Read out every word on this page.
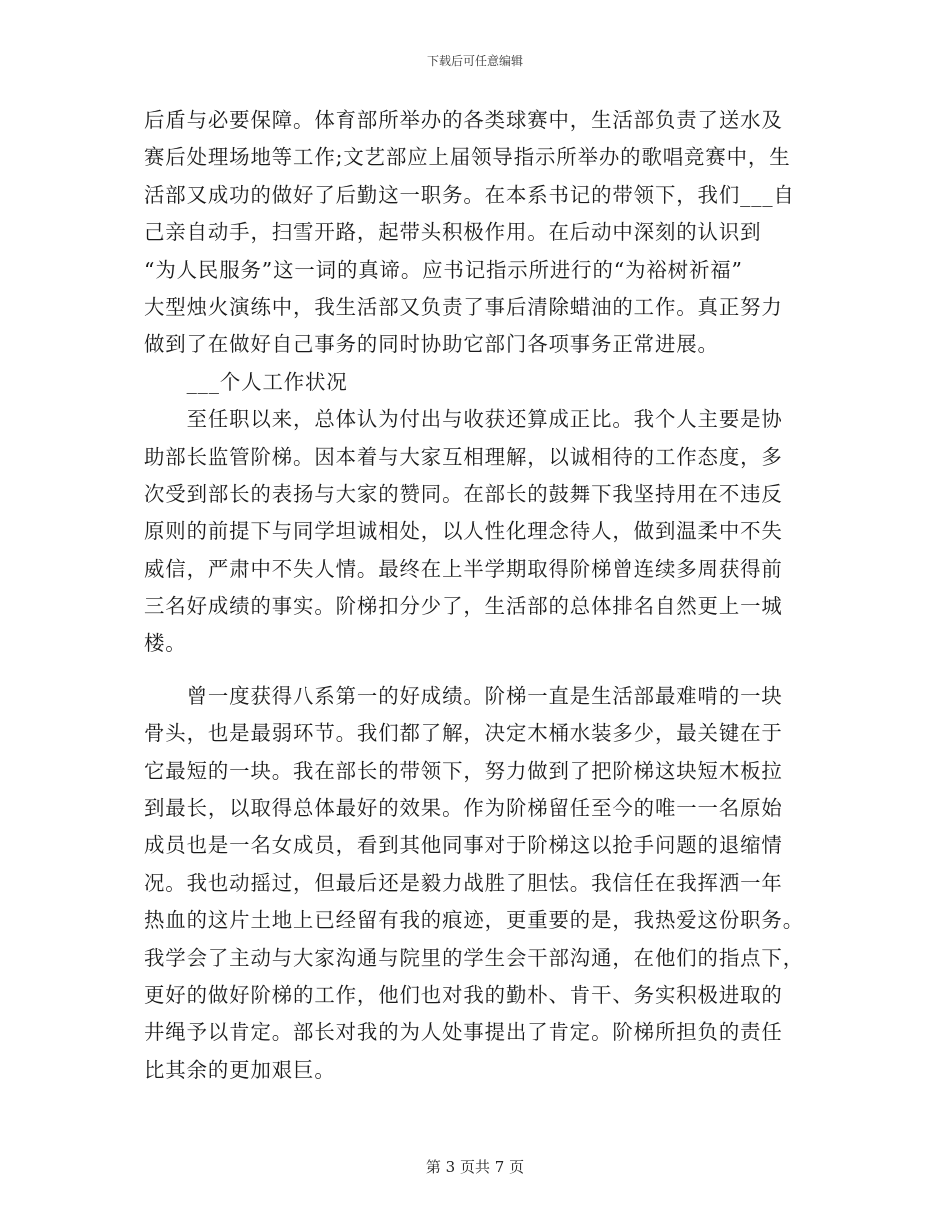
下载后可任意编辑
后盾与必要保障。体育部所举办的各类球赛中，生活部负责了送水及
赛后处理场地等工作;文艺部应上届领导指示所举办的歌唱竞赛中，生
活部又成功的做好了后勤这一职务。在本系书记的带领下，我们___自
己亲自动手，扫雪开路，起带头积极作用。在后动中深刻的认识到
“为人民服务”这一词的真谛。应书记指示所进行的“为裕树祈福”
大型烛火演练中，我生活部又负责了事后清除蜡油的工作。真正努力
做到了在做好自己事务的同时协助它部门各项事务正常进展。
　　___个人工作状况
　　至任职以来，总体认为付出与收获还算成正比。我个人主要是协
助部长监管阶梯。因本着与大家互相理解，以诚相待的工作态度，多
次受到部长的表扬与大家的赞同。在部长的鼓舞下我坚持用在不违反
原则的前提下与同学坦诚相处，以人性化理念待人，做到温柔中不失
威信，严肃中不失人情。最终在上半学期取得阶梯曾连续多周获得前
三名好成绩的事实。阶梯扣分少了，生活部的总体排名自然更上一城
楼。
　　曾一度获得八系第一的好成绩。阶梯一直是生活部最难啃的一块
骨头，也是最弱环节。我们都了解，决定木桶水装多少，最关键在于
它最短的一块。我在部长的带领下，努力做到了把阶梯这块短木板拉
到最长，以取得总体最好的效果。作为阶梯留任至今的唯一一名原始
成员也是一名女成员，看到其他同事对于阶梯这以抢手问题的退缩情
况。我也动摇过，但最后还是毅力战胜了胆怯。我信任在我挥洒一年
热血的这片土地上已经留有我的痕迹，更重要的是，我热爱这份职务。
我学会了主动与大家沟通与院里的学生会干部沟通，在他们的指点下，
更好的做好阶梯的工作，他们也对我的勤朴、肯干、务实积极进取的
井绳予以肯定。部长对我的为人处事提出了肯定。阶梯所担负的责任
比其余的更加艰巨。
第 3 页共 7 页
